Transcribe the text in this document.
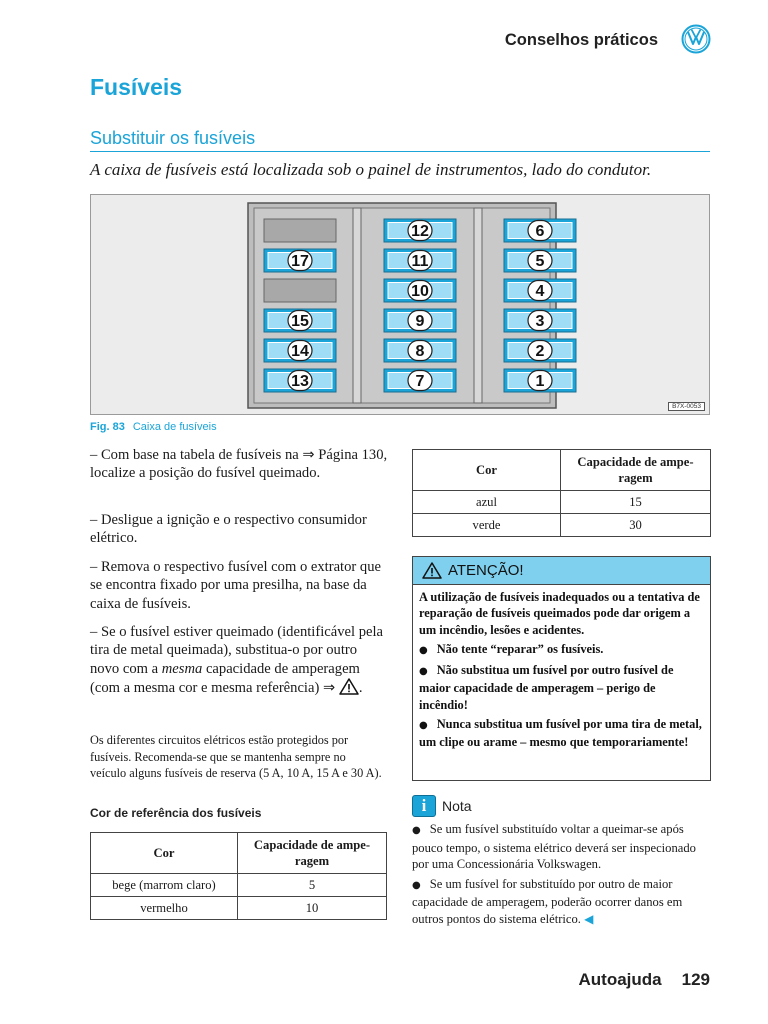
Conselhos práticos
Fusíveis
Substituir os fusíveis
A caixa de fusíveis está localizada sob o painel de instrumentos, lado do condutor.
17
15
14
13
12
11
10
9
8
7
6
5
4
3
2
1
B7X-0053
Fig. 83 Caixa de fusíveis
– Com base na tabela de fusíveis na ⇒ Página 130, localize a posição do fusível queimado.
– Desligue a ignição e o respectivo consumidor elétrico.
– Remova o respectivo fusível com o extrator que se encontra fixado por uma presilha, na base da caixa de fusíveis.
– Se o fusível estiver queimado (identificável pela tira de metal queimada), substitua-o por outro novo com a mesma capacidade de amperagem (com a mesma cor e mesma referência) ⇒ .
Os diferentes circuitos elétricos estão protegidos por fusíveis. Recomenda-se que se mantenha sempre no veículo alguns fusíveis de reserva (5 A, 10 A, 15 A e 30 A).
Cor de referência dos fusíveis
Cor	Capacidade de amperagem
bege (marrom claro)	5
vermelho	10
Cor	Capacidade de amperagem
azul	15
verde	30
ATENÇÃO!

A utilização de fusíveis inadequados ou a tentativa de reparação de fusíveis queimados pode dar origem a um incêndio, lesões e acidentes.

● Não tente “reparar” os fusíveis.

● Não substitua um fusível por outro fusível de maior capacidade de amperagem – perigo de incêndio!

● Nunca substitua um fusível por uma tira de metal, um clipe ou arame – mesmo que temporariamente!

i Nota

● Se um fusível substituído voltar a queimar-se após pouco tempo, o sistema elétrico deverá ser inspecionado por uma Concessionária Volkswagen.

● Se um fusível for substituído por outro de maior capacidade de amperagem, poderão ocorrer danos em outros pontos do sistema elétrico. ◀

Autoajuda 129
